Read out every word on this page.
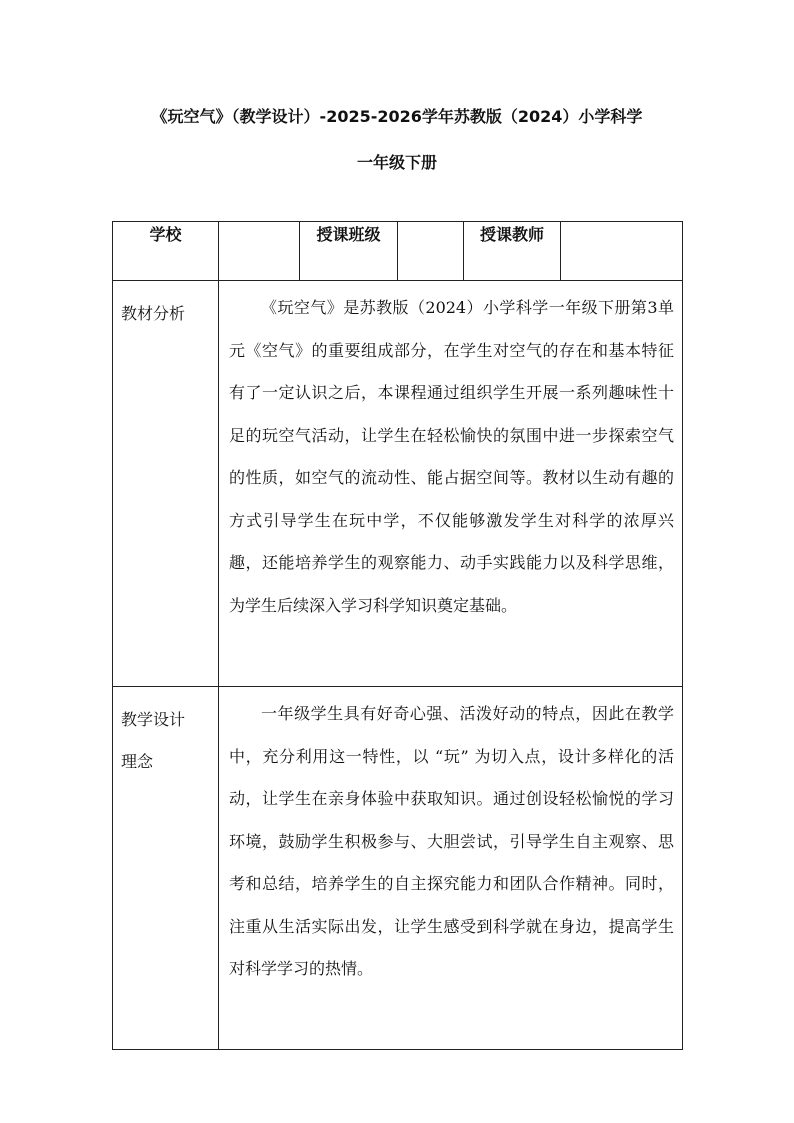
《玩空气》（教学设计）-2025-2026学年苏教版（2024）小学科学
一年级下册
学校		授课班级		授课教师	

教材分析	《玩空气》是苏教版（2024）小学科学一年级下册第3单元《空气》的重要组成部分，在学生对空气的存在和基本特征有了一定认识之后，本课程通过组织学生开展一系列趣味性十足的玩空气活动，让学生在轻松愉快的氛围中进一步探索空气的性质，如空气的流动性、能占据空间等。教材以生动有趣的方式引导学生在玩中学，不仅能够激发学生对科学的浓厚兴趣，还能培养学生的观察能力、动手实践能力以及科学思维，为学生后续深入学习科学知识奠定基础。				

教学设计
理念	一年级学生具有好奇心强、活泼好动的特点，因此在教学中，充分利用这一特性，以 “玩” 为切入点，设计多样化的活动，让学生在亲身体验中获取知识。通过创设轻松愉悦的学习环境，鼓励学生积极参与、大胆尝试，引导学生自主观察、思考和总结，培养学生的自主探究能力和团队合作精神。同时，注重从生活实际出发，让学生感受到科学就在身边，提高学生对科学学习的热情。				
